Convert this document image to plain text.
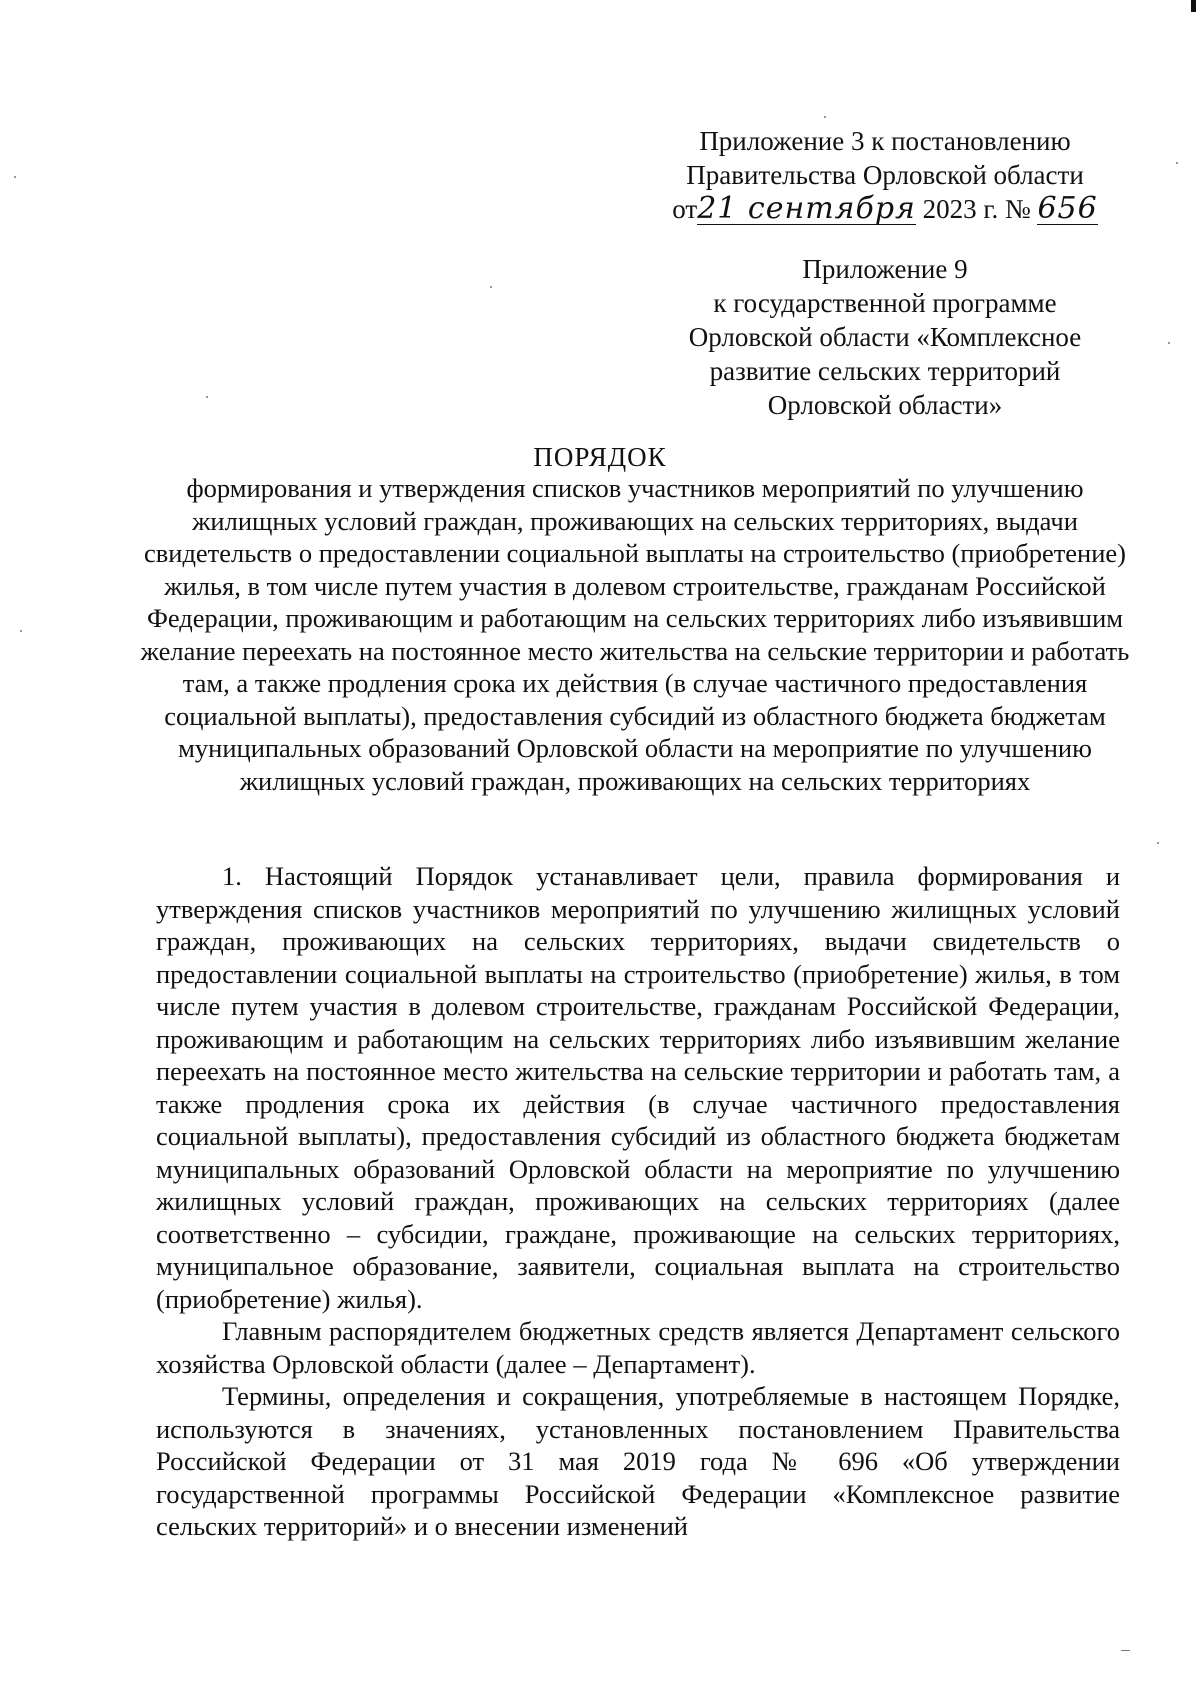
Приложение 3 к постановлению
Правительства Орловской области
от21 сентября 2023 г. № 656
Приложение 9
к государственной программе
Орловской области «Комплексное
развитие сельских территорий
Орловской области»
ПОРЯДОК
формирования и утверждения списков участников мероприятий по улучшению жилищных условий граждан, проживающих на сельских территориях, выдачи свидетельств о предоставлении социальной выплаты на строительство (приобретение) жилья, в том числе путем участия в долевом строительстве, гражданам Российской Федерации, проживающим и работающим на сельских территориях либо изъявившим желание переехать на постоянное место жительства на сельские территории и работать там, а также продления срока их действия (в случае частичного предоставления социальной выплаты), предоставления субсидий из областного бюджета бюджетам муниципальных образований Орловской области на мероприятие по улучшению жилищных условий граждан, проживающих на сельских территориях

1. Настоящий Порядок устанавливает цели, правила формирования и утверждения списков участников мероприятий по улучшению жилищных условий граждан, проживающих на сельских территориях, выдачи свидетельств о предоставлении социальной выплаты на строительство (приобретение) жилья, в том числе путем участия в долевом строительстве, гражданам Российской Федерации, проживающим и работающим на сельских территориях либо изъявившим желание переехать на постоянное место жительства на сельские территории и работать там, а также продления срока их действия (в случае частичного предоставления социальной выплаты), предоставления субсидий из областного бюджета бюджетам муниципальных образований Орловской области на мероприятие по улучшению жилищных условий граждан, проживающих на сельских территориях (далее соответственно – субсидии, граждане, проживающие на сельских территориях, муниципальное образование, заявители, социальная выплата на строительство (приобретение) жилья).

Главным распорядителем бюджетных средств является Департамент сельского хозяйства Орловской области (далее – Департамент).

Термины, определения и сокращения, употребляемые в настоящем Порядке, используются в значениях, установленных постановлением Правительства Российской Федерации от 31 мая 2019 года № 696 «Об утверждении государственной программы Российской Федерации «Комплексное развитие сельских территорий» и о внесении изменений
